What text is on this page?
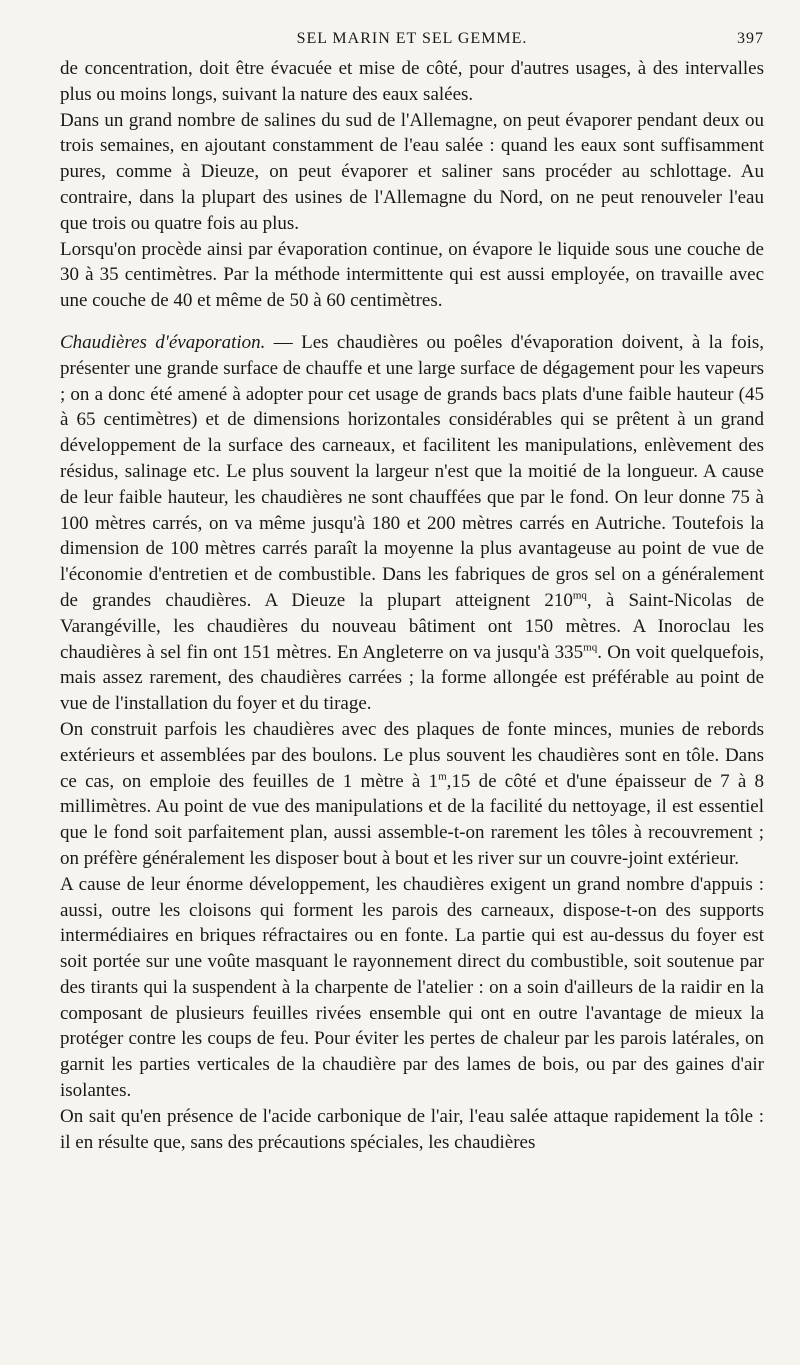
SEL MARIN ET SEL GEMME.	397

de concentration, doit être évacuée et mise de côté, pour d'autres usages, à des intervalles plus ou moins longs, suivant la nature des eaux salées.

Dans un grand nombre de salines du sud de l'Allemagne, on peut évaporer pendant deux ou trois semaines, en ajoutant constamment de l'eau salée : quand les eaux sont suffisamment pures, comme à Dieuze, on peut évaporer et saliner sans procéder au schlottage. Au contraire, dans la plupart des usines de l'Allemagne du Nord, on ne peut renouveler l'eau que trois ou quatre fois au plus.

Lorsqu'on procède ainsi par évaporation continue, on évapore le liquide sous une couche de 30 à 35 centimètres. Par la méthode intermittente qui est aussi employée, on travaille avec une couche de 40 et même de 50 à 60 centimètres.

Chaudières d'évaporation. — Les chaudières ou poêles d'évaporation doivent, à la fois, présenter une grande surface de chauffe et une large surface de dégagement pour les vapeurs ; on a donc été amené à adopter pour cet usage de grands bacs plats d'une faible hauteur (45 à 65 centimètres) et de dimensions horizontales considérables qui se prêtent à un grand développement de la surface des carneaux, et facilitent les manipulations, enlèvement des résidus, salinage etc. Le plus souvent la largeur n'est que la moitié de la longueur. A cause de leur faible hauteur, les chaudières ne sont chauffées que par le fond. On leur donne 75 à 100 mètres carrés, on va même jusqu'à 180 et 200 mètres carrés en Autriche. Toutefois la dimension de 100 mètres carrés paraît la moyenne la plus avantageuse au point de vue de l'économie d'entretien et de combustible. Dans les fabriques de gros sel on a généralement de grandes chaudières. A Dieuze la plupart atteignent $210^{mq}$, à Saint-Nicolas de Varangéville, les chaudières du nouveau bâtiment ont 150 mètres. A Inoroclau les chaudières à sel fin ont 151 mètres. En Angleterre on va jusqu'à $335^{mq}$. On voit quelquefois, mais assez rarement, des chaudières carrées ; la forme allongée est préférable au point de vue de l'installation du foyer et du tirage.

On construit parfois les chaudières avec des plaques de fonte minces, munies de rebords extérieurs et assemblées par des boulons. Le plus souvent les chaudières sont en tôle. Dans ce cas, on emploie des feuilles de 1 mètre à 1$^m$,15 de côté et d'une épaisseur de 7 à 8 millimètres. Au point de vue des manipulations et de la facilité du nettoyage, il est essentiel que le fond soit parfaitement plan, aussi assemble-t-on rarement les tôles à recouvrement ; on préfère généralement les disposer bout à bout et les river sur un couvre-joint extérieur.

A cause de leur énorme développement, les chaudières exigent un grand nombre d'appuis : aussi, outre les cloisons qui forment les parois des carneaux, dispose-t-on des supports intermédiaires en briques réfractaires ou en fonte. La partie qui est au-dessus du foyer est soit portée sur une voûte masquant le rayonnement direct du combustible, soit soutenue par des tirants qui la suspendent à la charpente de l'atelier : on a soin d'ailleurs de la raidir en la composant de plusieurs feuilles rivées ensemble qui ont en outre l'avantage de mieux la protéger contre les coups de feu. Pour éviter les pertes de chaleur par les parois latérales, on garnit les parties verticales de la chaudière par des lames de bois, ou par des gaines d'air isolantes.

On sait qu'en présence de l'acide carbonique de l'air, l'eau salée attaque rapidement la tôle : il en résulte que, sans des précautions spéciales, les chaudières
